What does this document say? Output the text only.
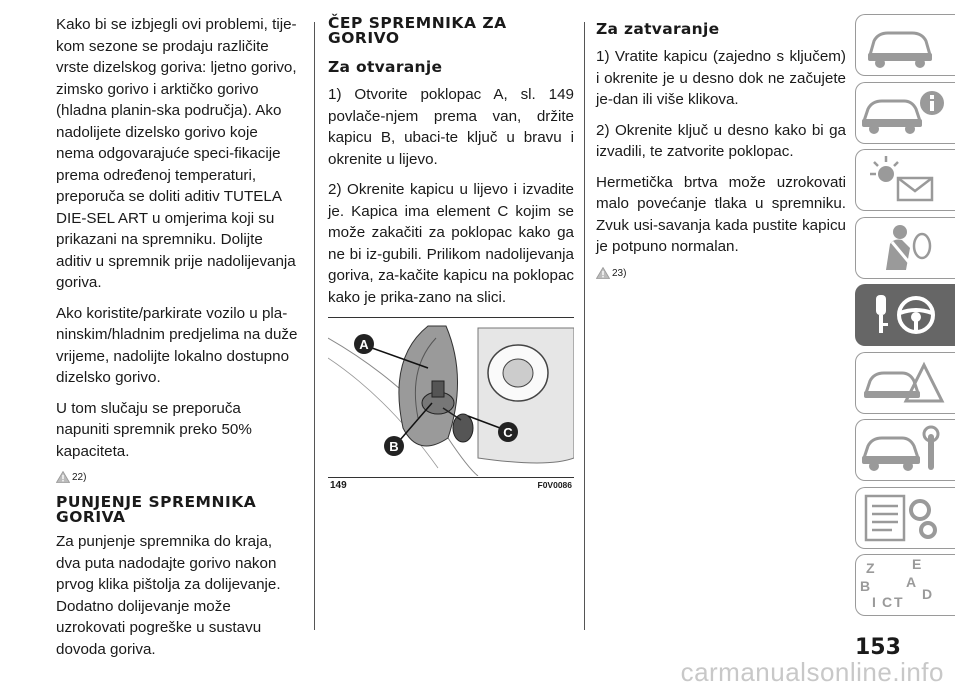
Kako bi se izbjegli ovi problemi, tije-kom sezone se prodaju različite vrste dizelskog goriva: ljetno gorivo, zimsko gorivo i arktičko gorivo (hladna planin-ska područja). Ako nadolijete dizelsko gorivo koje nema odgovarajuće speci-fikacije prema određenoj temperaturi, preporuča se doliti aditiv TUTELA DIE-SEL ART u omjerima koji su prikazani na spremniku. Dolijte aditiv u spremnik prije nadolijevanja goriva.

Ako koristite/parkirate vozilo u pla-ninskim/hladnim predjelima na duže vrijeme, nadolijte lokalno dostupno dizelsko gorivo.

U tom slučaju se preporuča napuniti spremnik preko 50% kapaciteta.

22)
PUNJENJE SPREMNIKA GORIVA

Za punjenje spremnika do kraja, dva puta nadodajte gorivo nakon prvog klika pištolja za dolijevanje. Dodatno dolijevanje može uzrokovati pogreške u sustavu dovoda goriva.

ČEP SPREMNIKA ZA GORIVO
Za otvaranje

1) Otvorite poklopac A, sl. 149 povlače-njem prema van, držite kapicu B, ubaci-te ključ u bravu i okrenite u lijevo.

2) Okrenite kapicu u lijevo i izvadite je. Kapica ima element C kojim se može zakačiti za poklopac kako ga ne bi iz-gubili. Prilikom nadolijevanja goriva, za-kačite kapicu na poklopac kako je prika-zano na slici.

A
B
C
149	F0V0086
Za zatvaranje

1) Vratite kapicu (zajedno s ključem) i okrenite je u desno dok ne začujete je-dan ili više klikova.

2) Okrenite ključ u desno kako bi ga izvadili, te zatvorite poklopac.

Hermetička brtva može uzrokovati malo povećanje tlaka u spremniku. Zvuk usi-savanja kada pustite kapicu je potpuno normalan.

23)
Z	E
A
B	D
I C T
153
carmanualsonline.info
